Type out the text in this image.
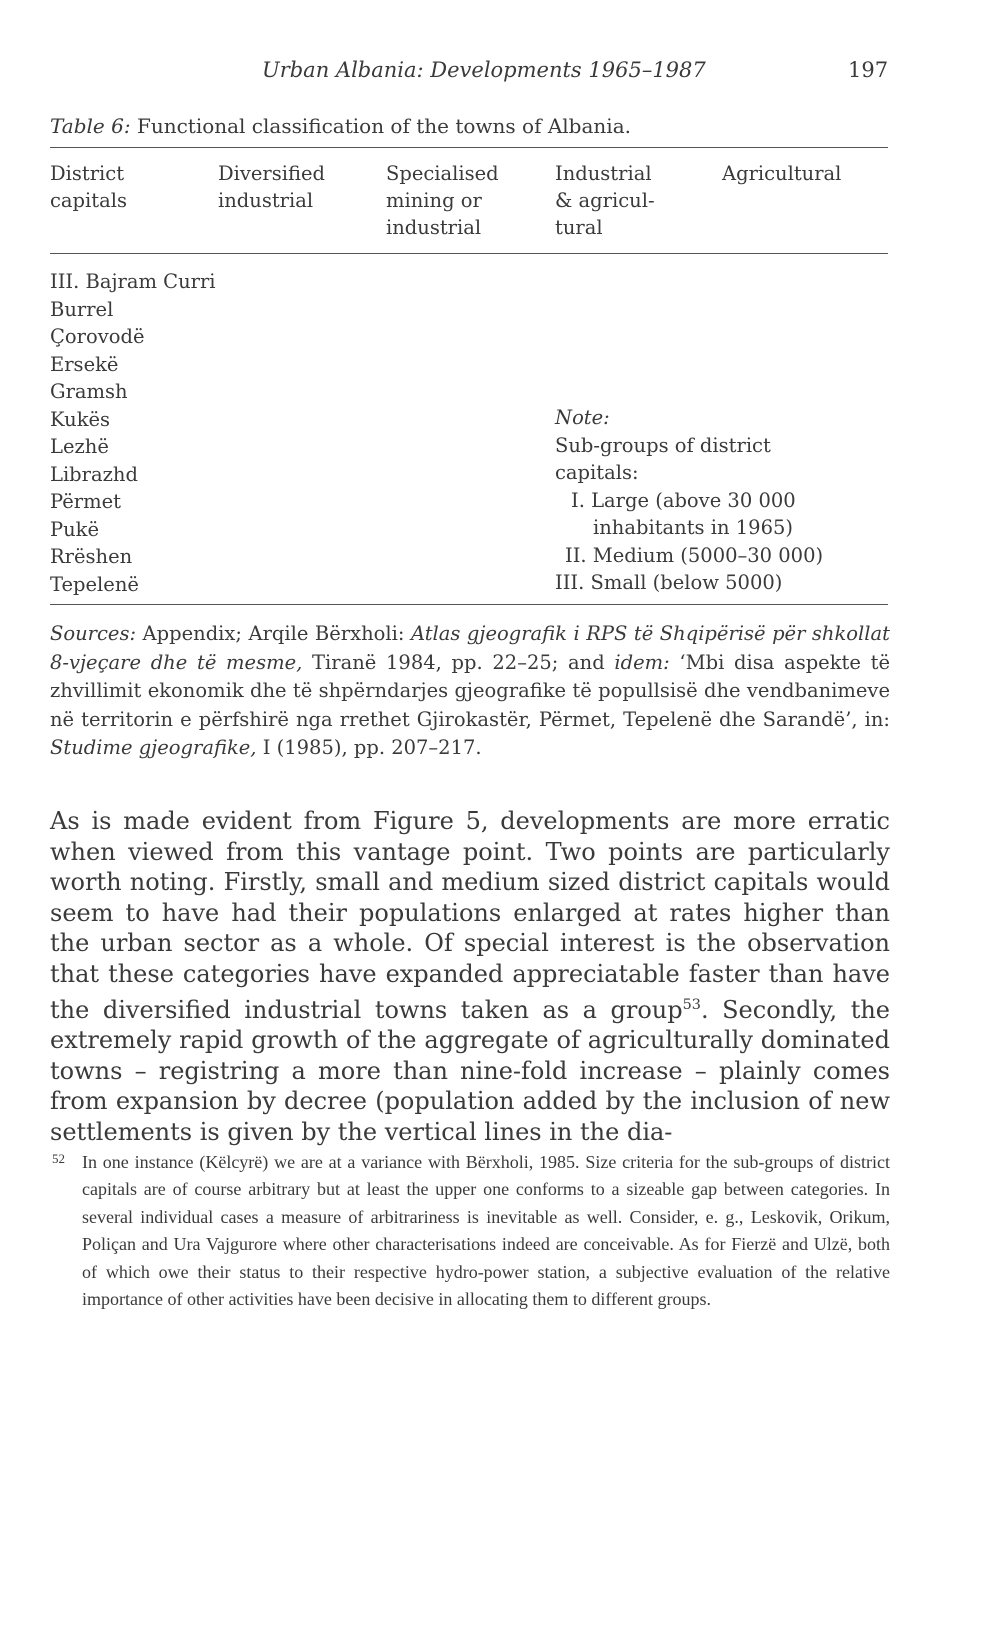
Urban Albania: Developments 1965–1987	197
Table 6: Functional classification of the towns of Albania.
District
capitals
Diversified
industrial
Specialised
mining or
industrial
Industrial
& agricul-
tural
Agricultural
III. Bajram Curri
Burrel
Çorovodë
Ersekë
Gramsh
Kukës
Lezhë
Librazhd
Përmet
Pukë
Rrëshen
Tepelenë
Note:
Sub-groups of district
capitals:
I. Large (above 30 000
inhabitants in 1965)
II. Medium (5000–30 000)
III. Small (below 5000)
Sources: Appendix; Arqile Bërxholi: Atlas gjeografik i RPS të Shqipërisë për shkollat 8-vjeçare dhe të mesme, Tiranë 1984, pp. 22–25; and idem: ‘Mbi disa aspekte të zhvillimit ekonomik dhe të shpërndarjes gjeografike të popullsisë dhe vendbanimeve në territorin e përfshirë nga rrethet Gjirokastër, Përmet, Tepelenë dhe Sarandë’, in: Studime gjeografike, I (1985), pp. 207–217.
As is made evident from Figure 5, developments are more erratic when viewed from this vantage point. Two points are particularly worth noting. Firstly, small and medium sized district capitals would seem to have had their populations enlarged at rates higher than the urban sector as a whole. Of special interest is the observation that these categories have expanded appreciatable faster than have the diversified industrial towns taken as a group$^{53}$. Secondly, the extremely rapid growth of the aggregate of agriculturally dominated towns – registring a more than nine-fold increase – plainly comes from expansion by decree (population added by the inclusion of new settlements is given by the vertical lines in the dia-
52 In one instance (Këlcyrë) we are at a variance with Bërxholi, 1985. Size criteria for the sub-groups of district capitals are of course arbitrary but at least the upper one conforms to a sizeable gap between categories. In several individual cases a measure of arbitrariness is inevitable as well. Consider, e. g., Leskovik, Orikum, Poliçan and Ura Vajgurore where other characterisations indeed are conceivable. As for Fierzë and Ulzë, both of which owe their status to their respective hydro-power station, a subjective evaluation of the relative importance of other activities have been decisive in allocating them to different groups.
